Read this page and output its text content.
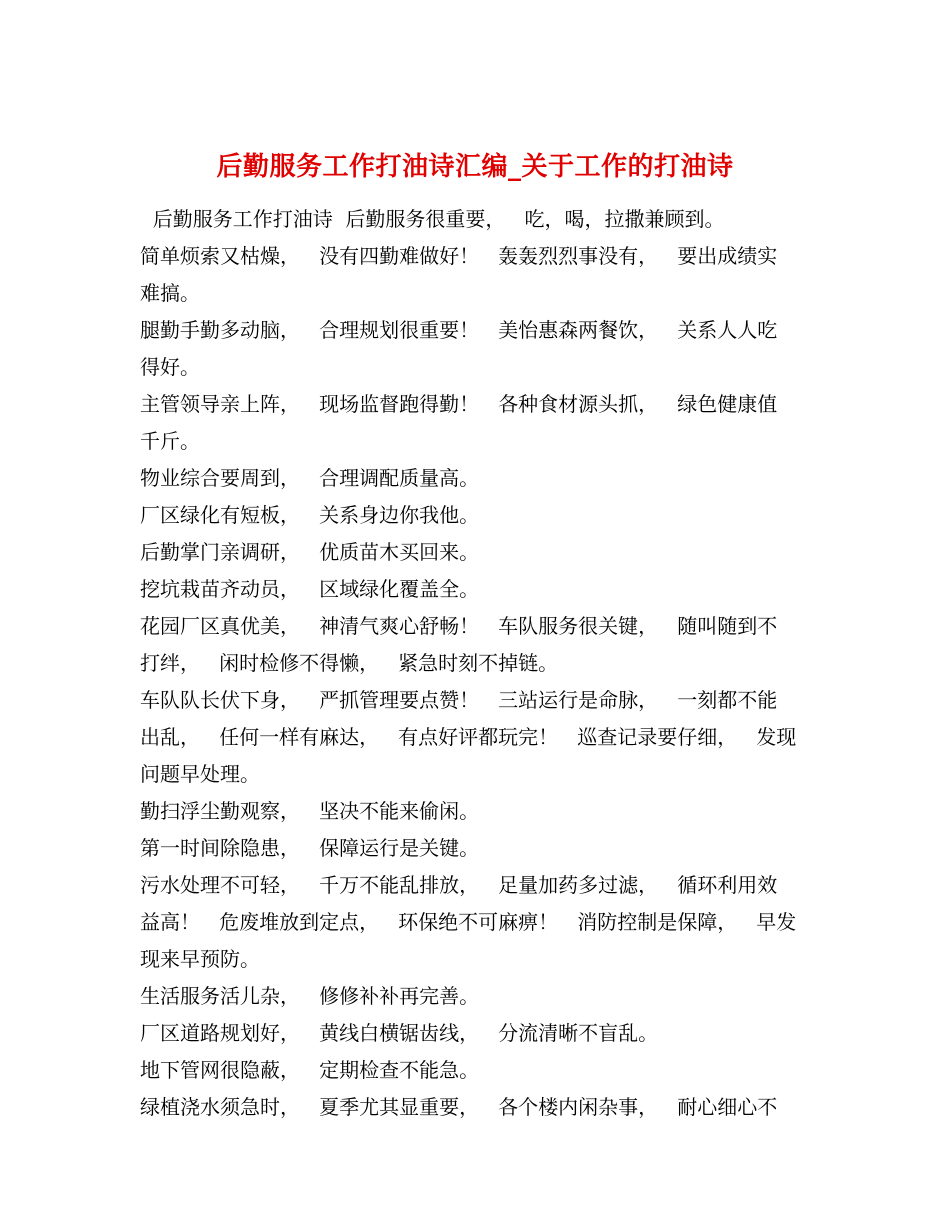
后勤服务工作打油诗汇编_关于工作的打油诗
后勤服务工作打油诗  后勤服务很重要，   吃，喝，拉撒兼顾到。
简单烦索又枯燥，   没有四勤难做好！   轰轰烈烈事没有，   要出成绩实
难搞。
腿勤手勤多动脑，   合理规划很重要！   美怡惠森两餐饮，   关系人人吃
得好。
主管领导亲上阵，   现场监督跑得勤！   各种食材源头抓，   绿色健康值
千斤。
物业综合要周到，   合理调配质量高。
厂区绿化有短板，   关系身边你我他。
后勤掌门亲调研，   优质苗木买回来。
挖坑栽苗齐动员，   区域绿化覆盖全。
花园厂区真优美，   神清气爽心舒畅！   车队服务很关键，   随叫随到不
打绊，   闲时检修不得懒，   紧急时刻不掉链。
车队队长伏下身，   严抓管理要点赞！   三站运行是命脉，   一刻都不能
出乱，   任何一样有麻达，   有点好评都玩完！   巡查记录要仔细，   发现
问题早处理。
勤扫浮尘勤观察，   坚决不能来偷闲。
第一时间除隐患，   保障运行是关键。
污水处理不可轻，   千万不能乱排放，   足量加药多过滤，   循环利用效
益高！   危废堆放到定点，   环保绝不可麻痹！   消防控制是保障，   早发
现来早预防。
生活服务活儿杂，   修修补补再完善。
厂区道路规划好，   黄线白横锯齿线，   分流清晰不盲乱。
地下管网很隐蔽，   定期检查不能急。
绿植浇水须急时，   夏季尤其显重要，   各个楼内闲杂事，   耐心细心不
